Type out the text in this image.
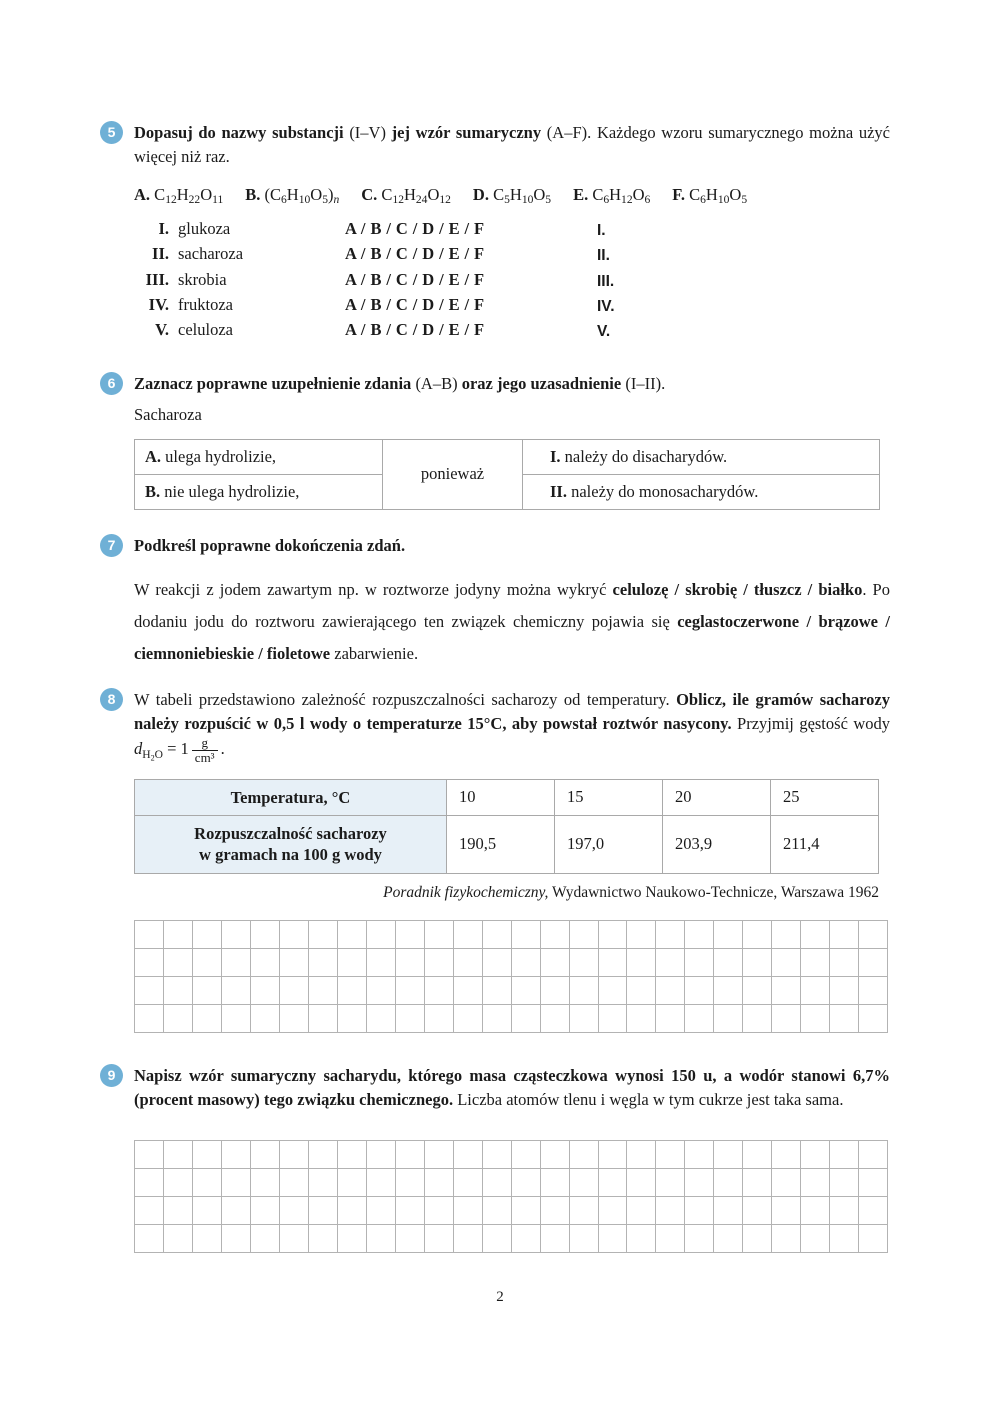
5	Dopasuj do nazwy substancji (I–V) jej wzór sumaryczny (A–F). Każdego wzoru sumarycznego można użyć więcej niż raz.
A. $C_{12}H_{22}O_{11}$ B. $(C_6H_{10}O_5)_n$ C. $C_{12}H_{24}O_{12}$ D. $C_5H_{10}O_5$ E. $C_6H_{12}O_6$ F. $C_6H_{10}O_5$
I. glukoza	A / B / C / D / E / F
II. sacharoza	A / B / C / D / E / F
III. skrobia	A / B / C / D / E / F
IV. fruktoza	A / B / C / D / E / F
V. celuloza	A / B / C / D / E / F
I.
II.
III.
IV.
V.
6	Zaznacz poprawne uzupełnienie zdania (A–B) oraz jego uzasadnienie (I–II).
Sacharoza
A. ulega hydrolizie,	ponieważ	I. należy do disacharydów.
B. nie ulega hydrolizie,		II. należy do monosacharydów.
7	Podkreśl poprawne dokończenia zdań.
W reakcji z jodem zawartym np. w roztworze jodyny można wykryć celulozę / skrobię / tłuszcz / białko. Po dodaniu jodu do roztworu zawierającego ten związek chemiczny pojawia się ceglastoczerwone / brązowe / ciemnoniebieskie / fioletowe zabarwienie.
8	W tabeli przedstawiono zależność rozpuszczalności sacharozy od temperatury. Oblicz, ile gramów sacharozy należy rozpuścić w 0,5 l wody o temperaturze 15°C, aby powstał roztwór nasycony. Przyjmij gęstość wody $d_{H_2O} = 1 \frac{g}{\text{cm³}}$ .
Temperatura, °C	10	15	20	25
Rozpuszczalność sacharozy
w gramach na 100 g wody	190,5	197,0	203,9	211,4
Poradnik fizykochemiczny, Wydawnictwo Naukowo-Technicze, Warszawa 1962
9	Napisz wzór sumaryczny sacharydu, którego masa cząsteczkowa wynosi 150 u, a wodór stanowi 6,7% (procent masowy) tego związku chemicznego. Liczba atomów tlenu i węgla w tym cukrze jest taka sama.
2
